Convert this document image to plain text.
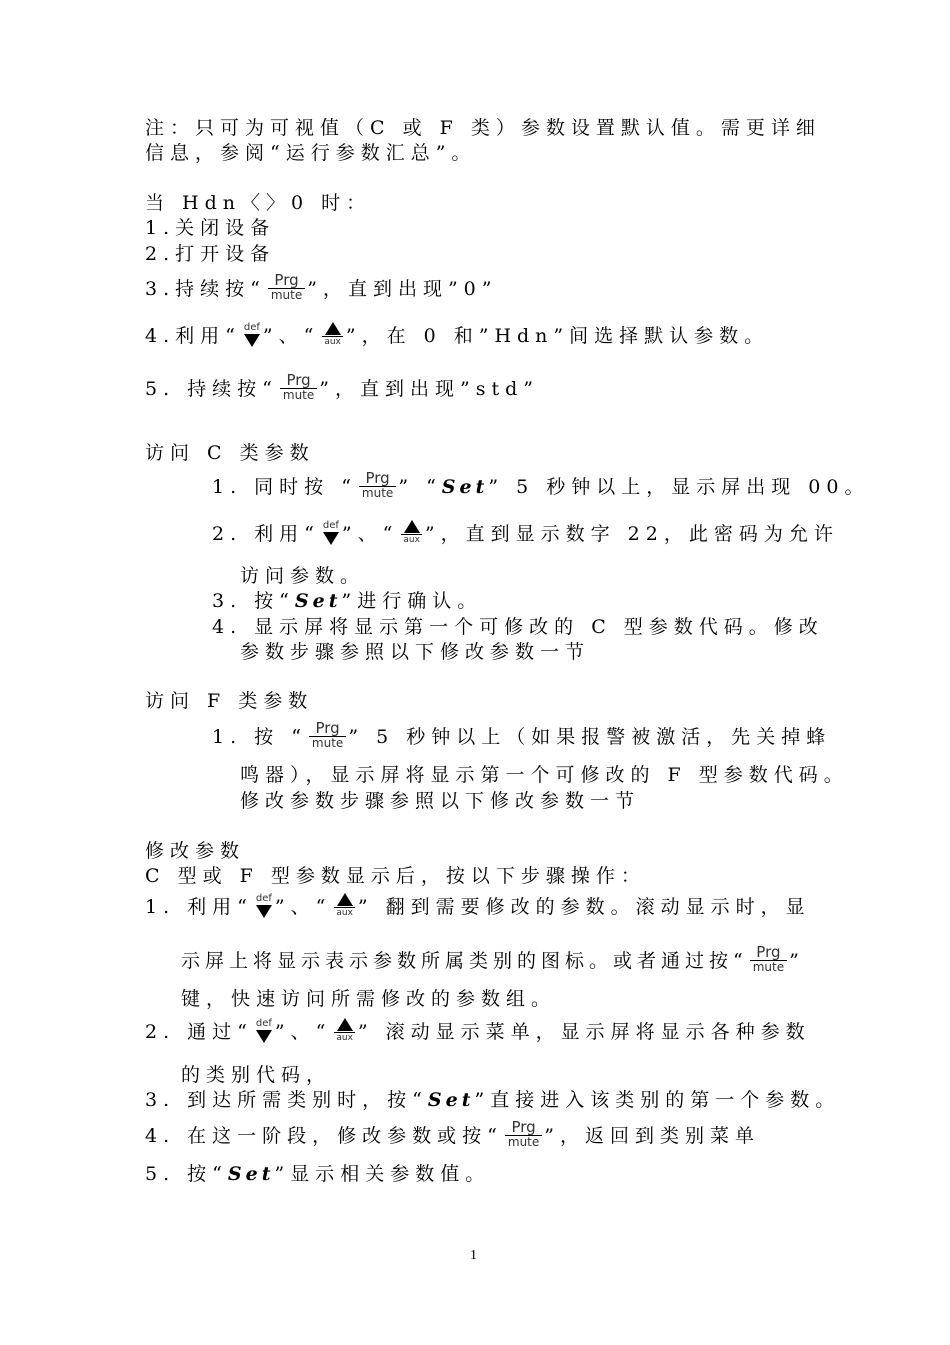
注：只可为可视值（C 或 F 类）参数设置默认值。需更详细
信息，参阅“运行参数汇总”。
当 Hdn〈〉0 时：
1.关闭设备
2.打开设备
3.持续按“ Prg
mute ”，直到出现”0”
4.利用“ def ”、“ aux ”，在 0 和”Hdn”间选择默认参数。
5. 持续按“ Prg
mute ”，直到出现”std”
访问 C 类参数
1. 同时按 “ Prg
mute ” “ Set ” 5 秒钟以上，显示屏出现 00。
2. 利用“ def ”、“ aux ”，直到显示数字 22，此密码为允许
访问参数。
3. 按“ Set ”进行确认。
4. 显示屏将显示第一个可修改的 C 型参数代码。修改
参数步骤参照以下修改参数一节
访问 F 类参数
1. 按 “ Prg
mute ” 5 秒钟以上（如果报警被激活，先关掉蜂
鸣器），显示屏将显示第一个可修改的 F 型参数代码。
修改参数步骤参照以下修改参数一节
修改参数
C 型或 F 型参数显示后，按以下步骤操作：
1. 利用“ def ”、“ aux ” 翻到需要修改的参数。滚动显示时，显
示屏上将显示表示参数所属类别的图标。或者通过按“ Prg
mute ”
键，快速访问所需修改的参数组。
2. 通过“ def ”、“ aux ” 滚动显示菜单，显示屏将显示各种参数
的类别代码，
3. 到达所需类别时，按“ Set ”直接进入该类别的第一个参数。
4. 在这一阶段，修改参数或按“ Prg
mute ”，返回到类别菜单
5. 按“ Set ”显示相关参数值。
1
